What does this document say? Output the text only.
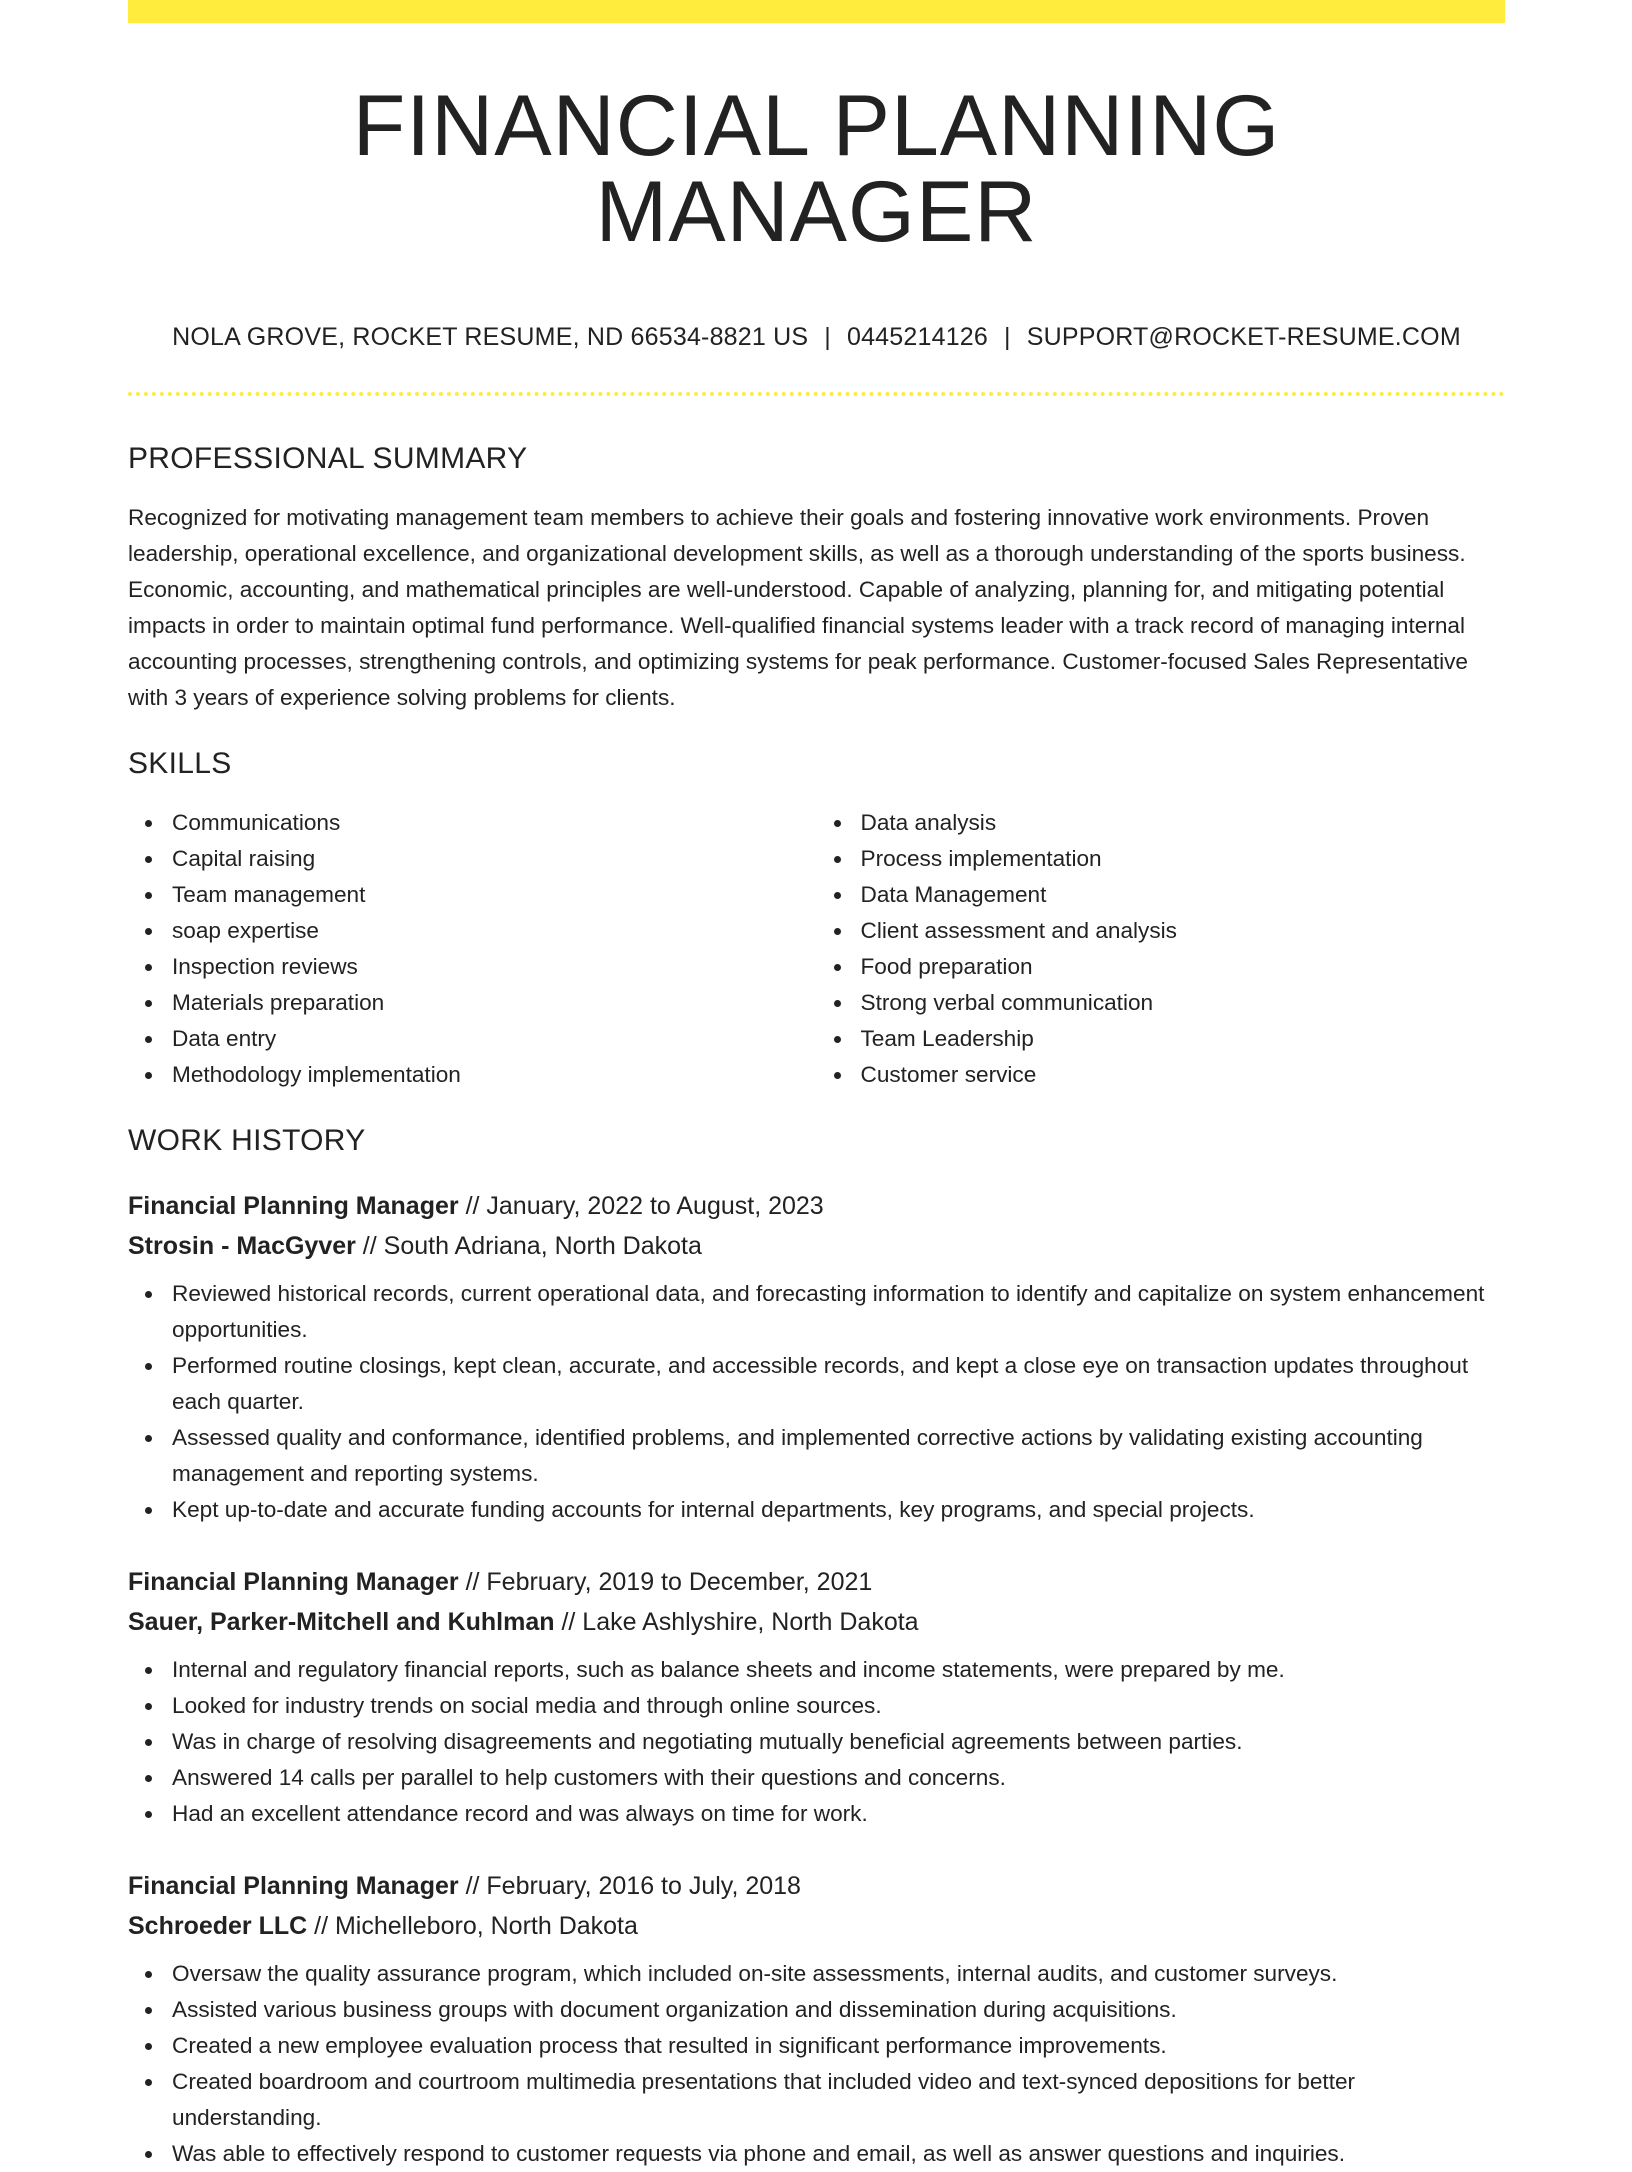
FINANCIAL PLANNING MANAGER
NOLA GROVE, ROCKET RESUME, ND 66534-8821 US | 0445214126 | SUPPORT@ROCKET-RESUME.COM
PROFESSIONAL SUMMARY
Recognized for motivating management team members to achieve their goals and fostering innovative work environments. Proven leadership, operational excellence, and organizational development skills, as well as a thorough understanding of the sports business. Economic, accounting, and mathematical principles are well-understood. Capable of analyzing, planning for, and mitigating potential impacts in order to maintain optimal fund performance. Well-qualified financial systems leader with a track record of managing internal accounting processes, strengthening controls, and optimizing systems for peak performance. Customer-focused Sales Representative with 3 years of experience solving problems for clients.
SKILLS
Communications
Capital raising
Team management
soap expertise
Inspection reviews
Materials preparation
Data entry
Methodology implementation
Data analysis
Process implementation
Data Management
Client assessment and analysis
Food preparation
Strong verbal communication
Team Leadership
Customer service
WORK HISTORY
Financial Planning Manager // January, 2022 to August, 2023
Strosin - MacGyver // South Adriana, North Dakota
Reviewed historical records, current operational data, and forecasting information to identify and capitalize on system enhancement opportunities.
Performed routine closings, kept clean, accurate, and accessible records, and kept a close eye on transaction updates throughout each quarter.
Assessed quality and conformance, identified problems, and implemented corrective actions by validating existing accounting management and reporting systems.
Kept up-to-date and accurate funding accounts for internal departments, key programs, and special projects.
Financial Planning Manager // February, 2019 to December, 2021
Sauer, Parker-Mitchell and Kuhlman // Lake Ashlyshire, North Dakota
Internal and regulatory financial reports, such as balance sheets and income statements, were prepared by me.
Looked for industry trends on social media and through online sources.
Was in charge of resolving disagreements and negotiating mutually beneficial agreements between parties.
Answered 14 calls per parallel to help customers with their questions and concerns.
Had an excellent attendance record and was always on time for work.
Financial Planning Manager // February, 2016 to July, 2018
Schroeder LLC // Michelleboro, North Dakota
Oversaw the quality assurance program, which included on-site assessments, internal audits, and customer surveys.
Assisted various business groups with document organization and dissemination during acquisitions.
Created a new employee evaluation process that resulted in significant performance improvements.
Created boardroom and courtroom multimedia presentations that included video and text-synced depositions for better understanding.
Was able to effectively respond to customer requests via phone and email, as well as answer questions and inquiries.
